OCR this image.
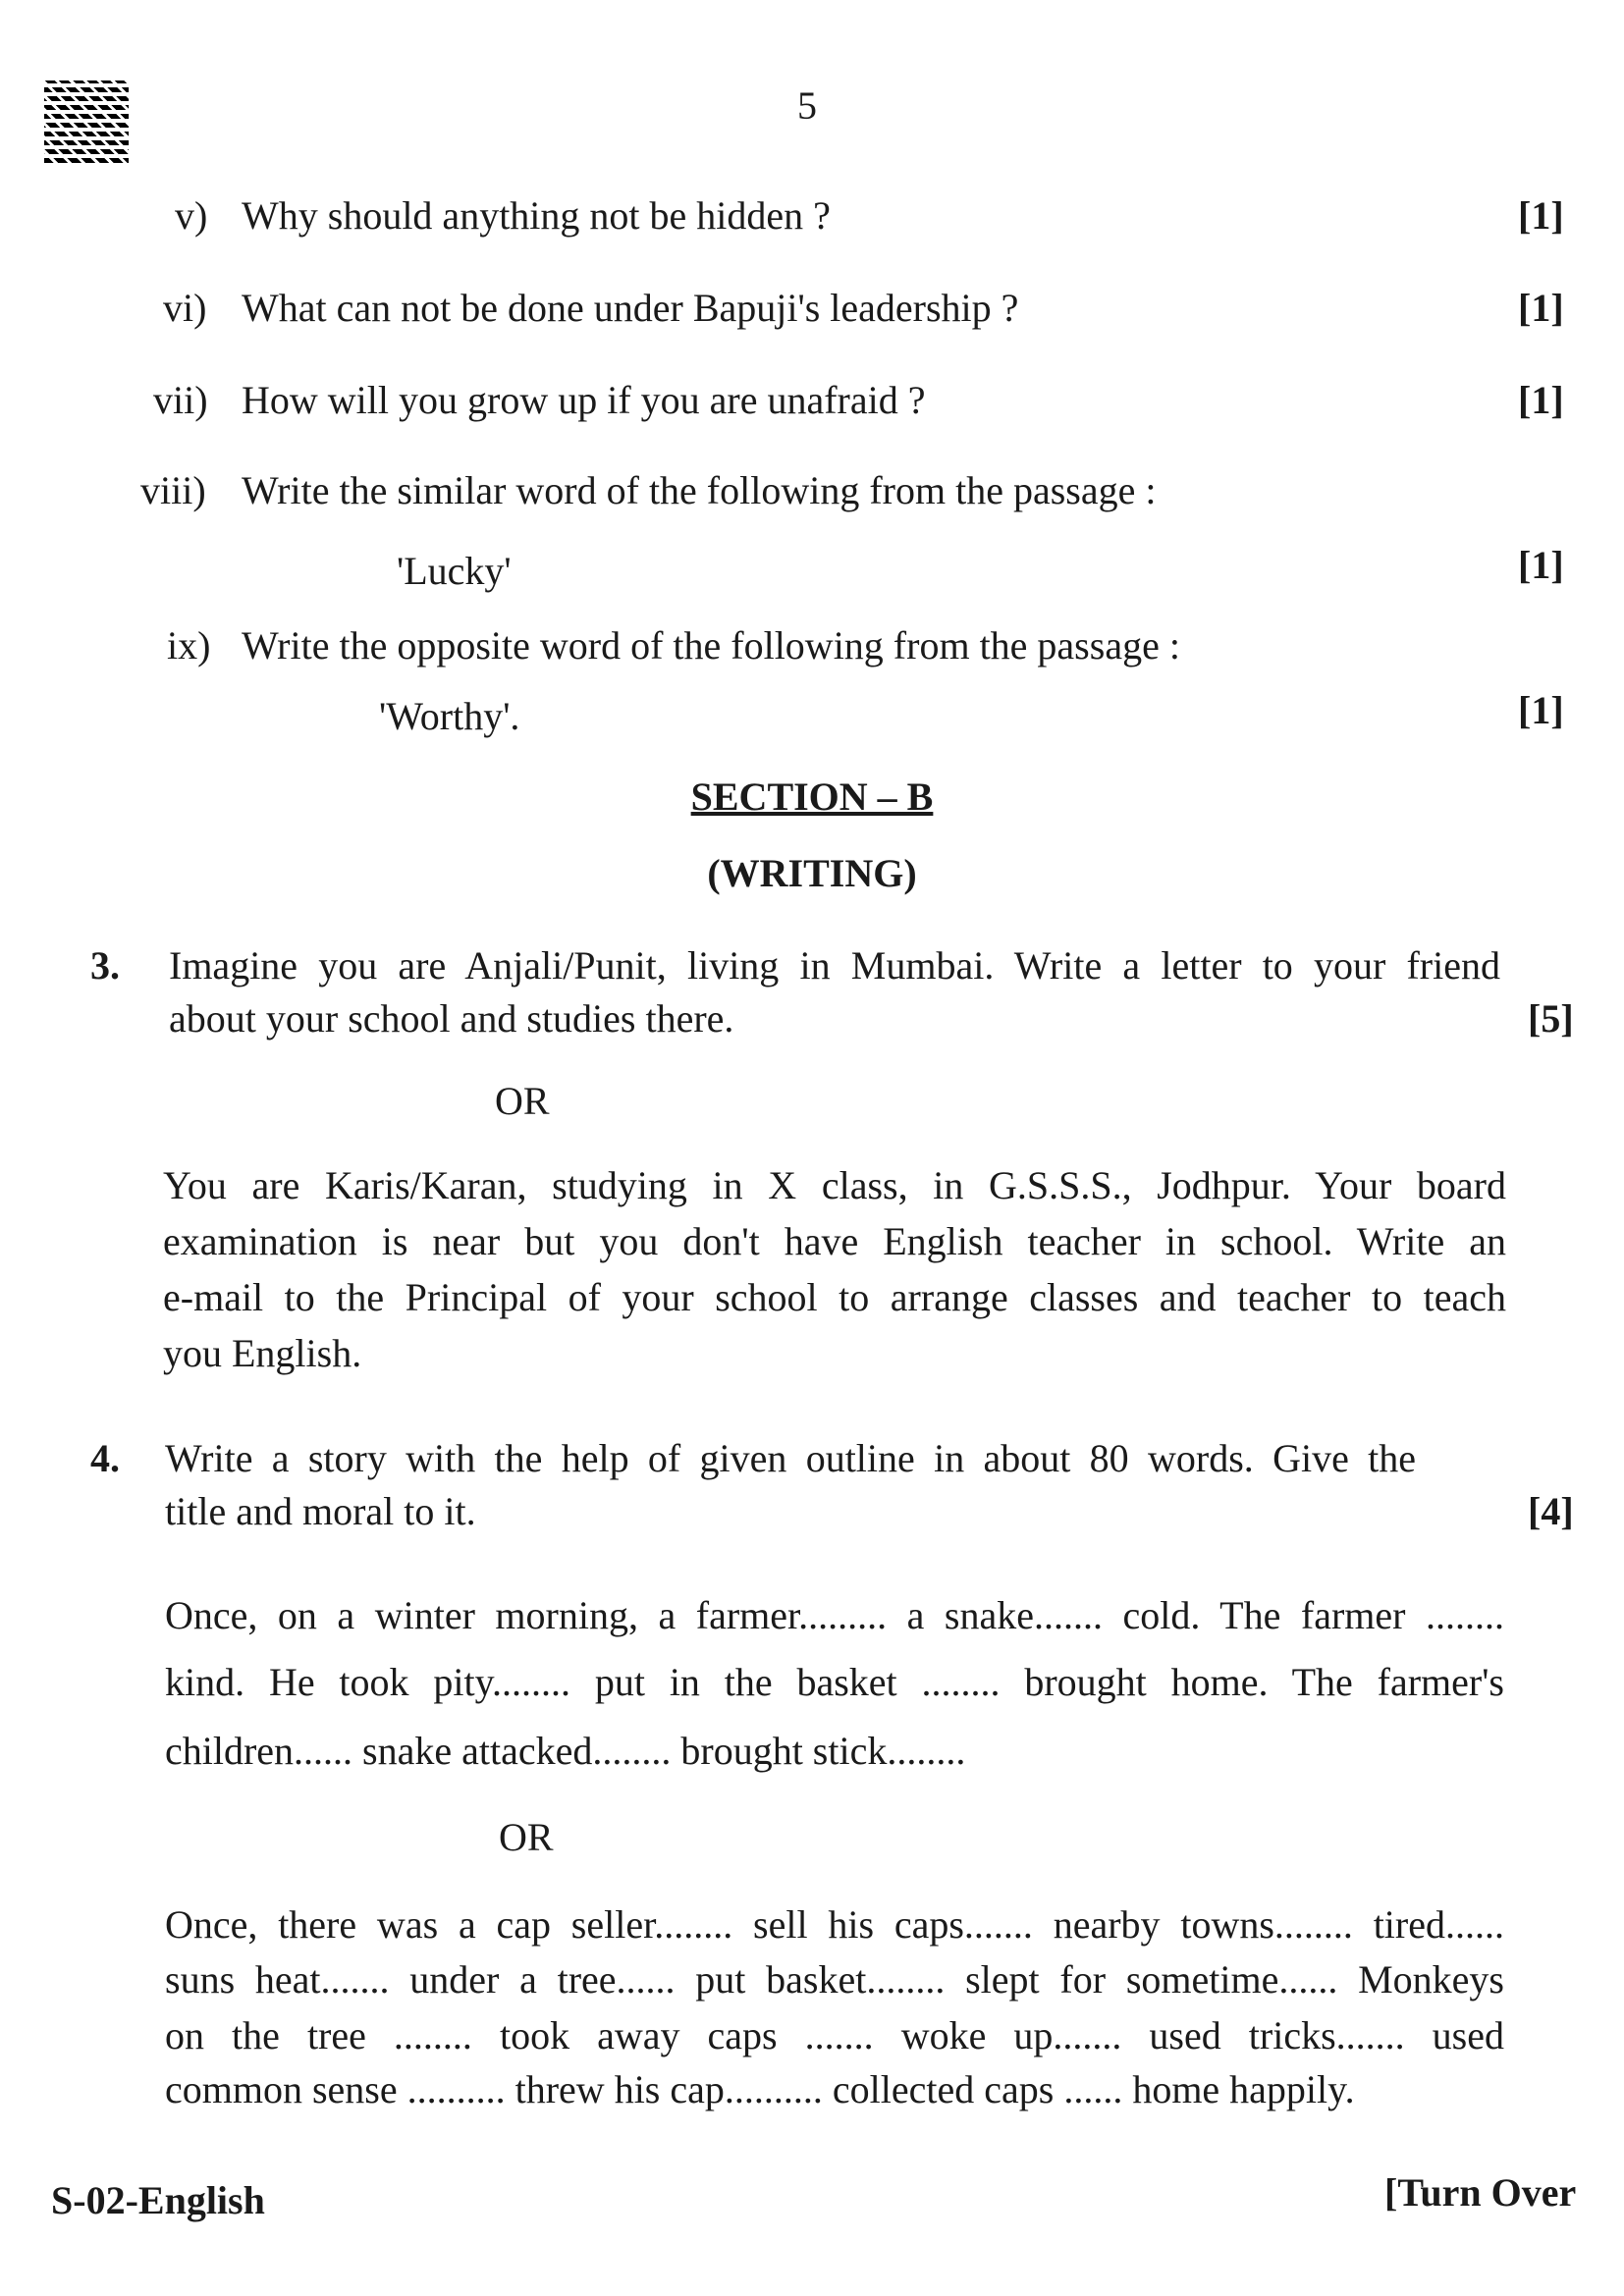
5
v) Why should anything not be hidden ?	[1]
vi) What can not be done under Bapuji's leadership ?	[1]
vii) How will you grow up if you are unafraid ?	[1]
viii) Write the similar word of the following from the passage :
'Lucky'	[1]
ix) Write the opposite word of the following from the passage :
'Worthy'.	[1]
SECTION – B
(WRITING)
3. Imagine you are Anjali/Punit, living in Mumbai. Write a letter to your friend
about your school and studies there.	[5]
OR
You are Karis/Karan, studying in X class, in G.S.S.S., Jodhpur. Your board
examination is near but you don't have English teacher in school. Write an
e-mail to the Principal of your school to arrange classes and teacher to teach
you English.
4. Write a story with the help of given outline in about 80 words. Give the
title and moral to it.	[4]
Once, on a winter morning, a farmer......... a snake....... cold. The farmer ........
kind. He took pity........ put in the basket ........ brought home. The farmer's
children...... snake attacked........ brought stick........
OR
Once, there was a cap seller........ sell his caps....... nearby towns........ tired......
suns heat....... under a tree...... put basket........ slept for sometime...... Monkeys
on the tree ........ took away caps ....... woke up....... used tricks....... used
common sense .......... threw his cap.......... collected caps ...... home happily.
S-02-English	[Turn Over
